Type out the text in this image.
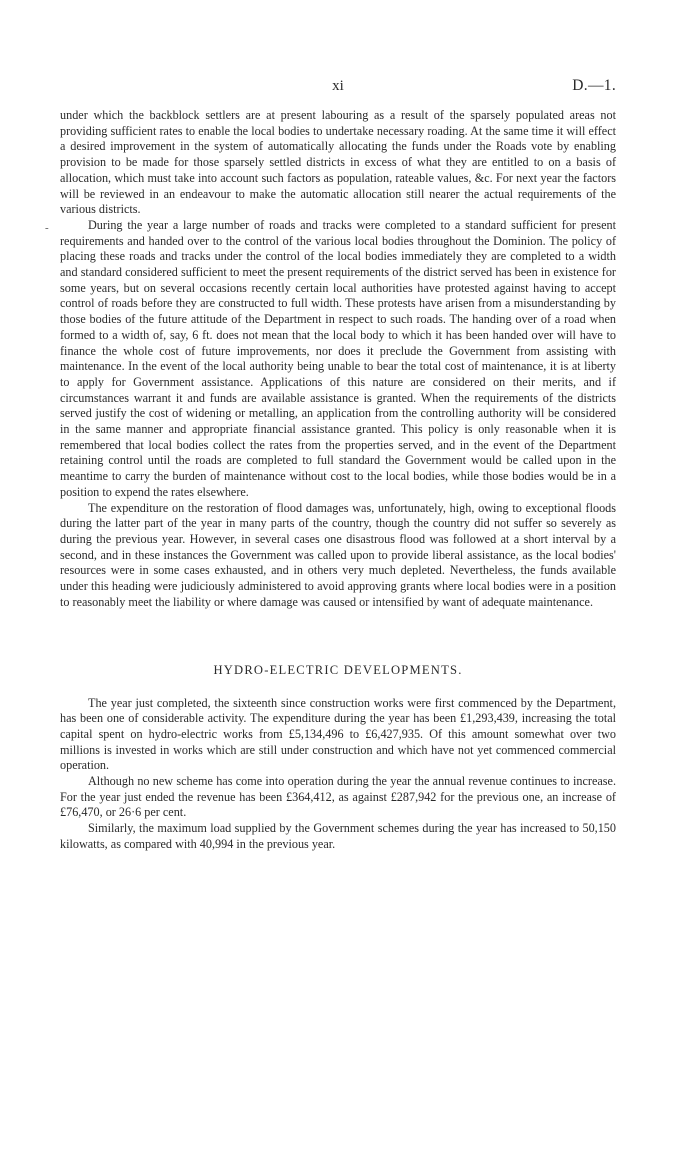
xi	D.—1.
-

under which the backblock settlers are at present labouring as a result of the sparsely populated areas not providing sufficient rates to enable the local bodies to undertake necessary roading. At the same time it will effect a desired improvement in the system of automatically allocating the funds under the Roads vote by enabling provision to be made for those sparsely settled districts in excess of what they are entitled to on a basis of allocation, which must take into account such factors as population, rateable values, &c. For next year the factors will be reviewed in an endeavour to make the automatic allocation still nearer the actual requirements of the various districts.

During the year a large number of roads and tracks were completed to a standard sufficient for present requirements and handed over to the control of the various local bodies throughout the Dominion. The policy of placing these roads and tracks under the control of the local bodies immediately they are completed to a width and standard considered sufficient to meet the present requirements of the district served has been in existence for some years, but on several occasions recently certain local authorities have protested against having to accept control of roads before they are constructed to full width. These protests have arisen from a misunderstanding by those bodies of the future attitude of the Department in respect to such roads. The handing over of a road when formed to a width of, say, 6 ft. does not mean that the local body to which it has been handed over will have to finance the whole cost of future improvements, nor does it preclude the Government from assisting with maintenance. In the event of the local authority being unable to bear the total cost of maintenance, it is at liberty to apply for Government assistance. Applications of this nature are considered on their merits, and if circumstances warrant it and funds are available assistance is granted. When the requirements of the districts served justify the cost of widening or metalling, an application from the controlling authority will be considered in the same manner and appropriate financial assistance granted. This policy is only reasonable when it is remembered that local bodies collect the rates from the properties served, and in the event of the Department retaining control until the roads are completed to full standard the Government would be called upon in the meantime to carry the burden of maintenance without cost to the local bodies, while those bodies would be in a position to expend the rates elsewhere.

The expenditure on the restoration of flood damages was, unfortunately, high, owing to exceptional floods during the latter part of the year in many parts of the country, though the country did not suffer so severely as during the previous year. However, in several cases one disastrous flood was followed at a short interval by a second, and in these instances the Government was called upon to provide liberal assistance, as the local bodies' resources were in some cases exhausted, and in others very much depleted. Nevertheless, the funds available under this heading were judiciously administered to avoid approving grants where local bodies were in a position to reasonably meet the liability or where damage was caused or intensified by want of adequate maintenance.

HYDRO-ELECTRIC DEVELOPMENTS.

The year just completed, the sixteenth since construction works were first commenced by the Department, has been one of considerable activity. The expenditure during the year has been £1,293,439, increasing the total capital spent on hydro-electric works from £5,134,496 to £6,427,935. Of this amount somewhat over two millions is invested in works which are still under construction and which have not yet commenced commercial operation.

Although no new scheme has come into operation during the year the annual revenue continues to increase. For the year just ended the revenue has been £364,412, as against £287,942 for the previous one, an increase of £76,470, or 26·6 per cent.

Similarly, the maximum load supplied by the Government schemes during the year has increased to 50,150 kilowatts, as compared with 40,994 in the previous year.
